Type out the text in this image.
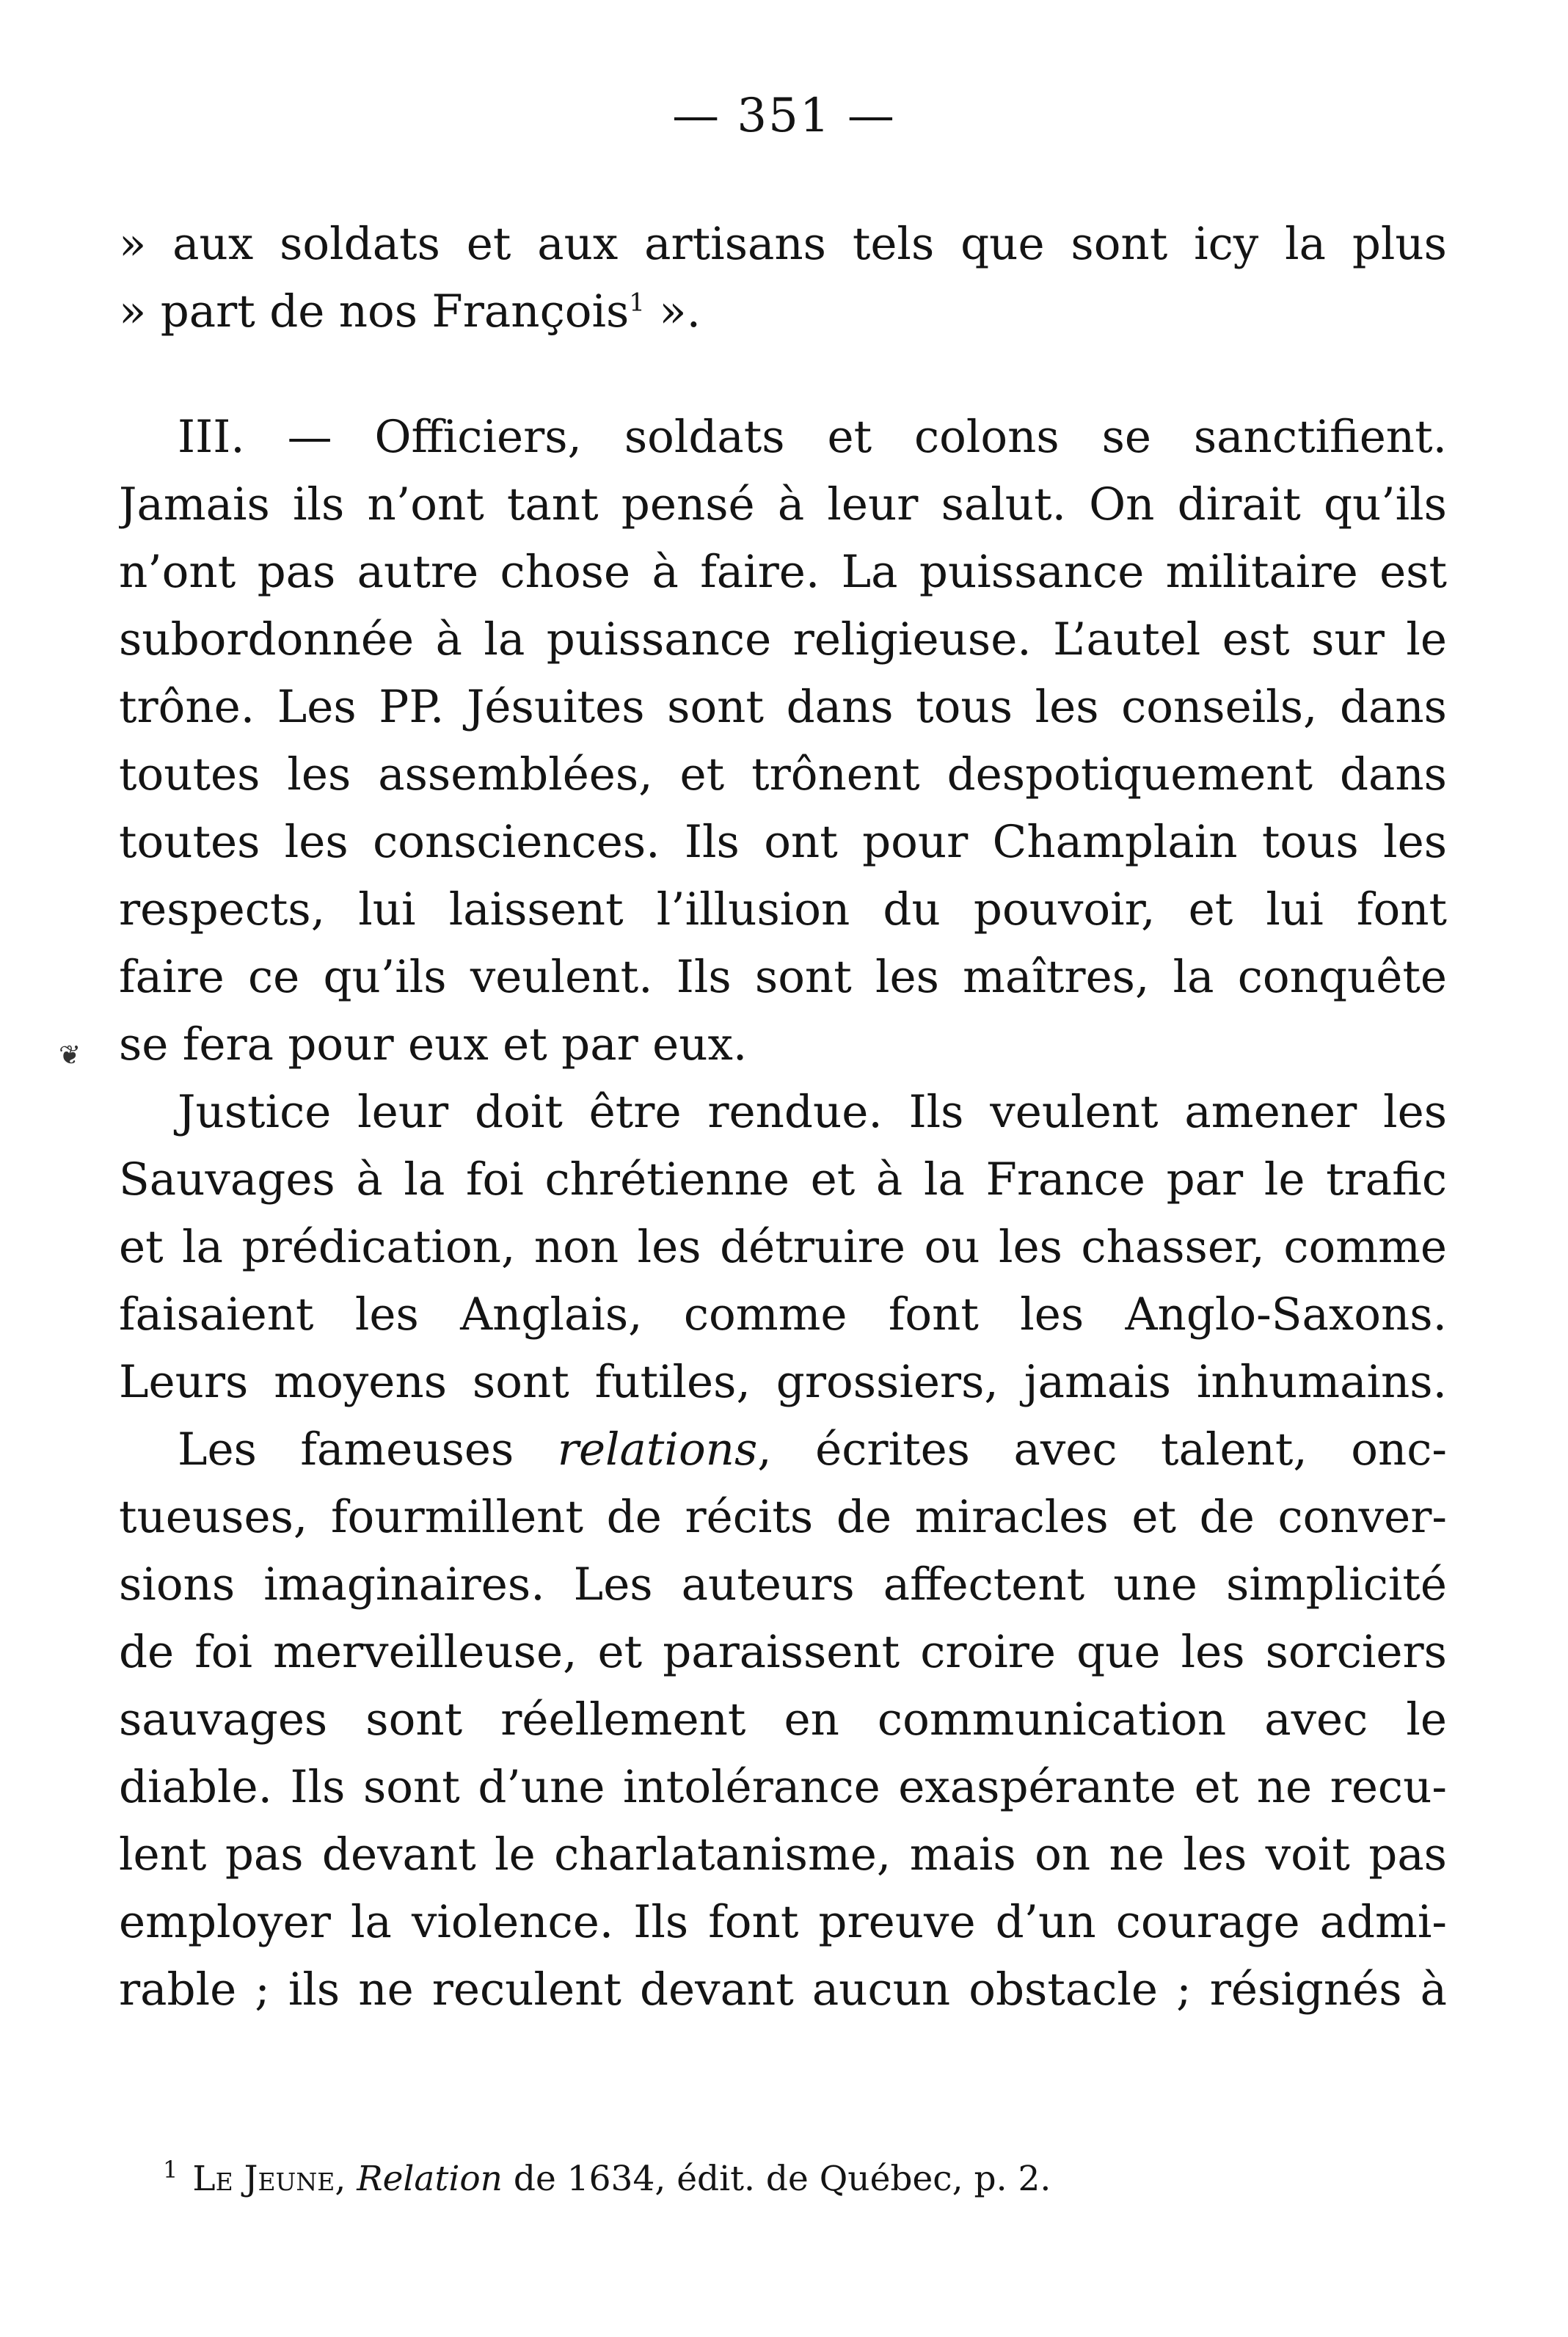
— 351 —
» aux soldats et aux artisans tels que sont icy la plus
» part de nos François$^1$ ».
III. — Officiers, soldats et colons se sanctifient.
Jamais ils n’ont tant pensé à leur salut. On dirait qu’ils
n’ont pas autre chose à faire. La puissance militaire est
subordonnée à la puissance religieuse. L’autel est sur le
trône. Les PP. Jésuites sont dans tous les conseils, dans
toutes les assemblées, et trônent despotiquement dans
toutes les consciences. Ils ont pour Champlain tous les
respects, lui laissent l’illusion du pouvoir, et lui font
faire ce qu’ils veulent. Ils sont les maîtres, la conquête
se fera pour eux et par eux.
❦
Justice leur doit être rendue. Ils veulent amener les
Sauvages à la foi chrétienne et à la France par le trafic
et la prédication, non les détruire ou les chasser, comme
faisaient les Anglais, comme font les Anglo-Saxons.
Leurs moyens sont futiles, grossiers, jamais inhumains.
Les fameuses relations, écrites avec talent, onc-
tueuses, fourmillent de récits de miracles et de conver-
sions imaginaires. Les auteurs affectent une simplicité
de foi merveilleuse, et paraissent croire que les sorciers
sauvages sont réellement en communication avec le
diable. Ils sont d’une intolérance exaspérante et ne recu-
lent pas devant le charlatanisme, mais on ne les voit pas
employer la violence. Ils font preuve d’un courage admi-
rable ; ils ne reculent devant aucun obstacle ; résignés à
$^1$ Le Jeune, Relation de 1634, édit. de Québec, p. 2.
